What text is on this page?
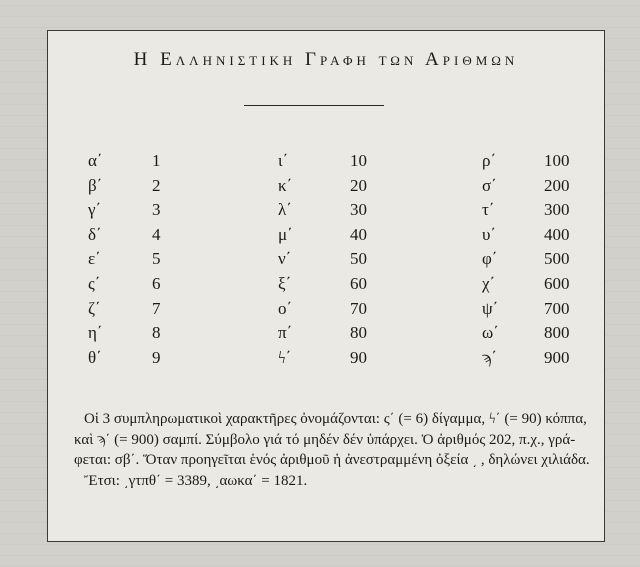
Η Ελληνιστικη Γραφη των Αριθμων
α΄	1	ι΄	10	ρ΄	100
β΄	2	κ΄	20	σ΄	200
γ΄	3	λ΄	30	τ΄	300
δ΄	4	μ΄	40	υ΄	400
ε΄	5	ν΄	50	φ΄	500
ς΄	6	ξ΄	60	χ΄	600
ζ΄	7	ο΄	70	ψ΄	700
η΄	8	π΄	80	ω΄	800
θ΄	9	ϟ΄	90	ϡ΄	900

Οἱ 3 συμπληρωματικοὶ χαρακτῆρες ὀνομάζονται: ς΄ (= 6) δίγαμμα, ϟ΄ (= 90) κόππα,

καὶ ϡ΄ (= 900) σαμπί. Σύμβολο γιά τό μηδέν δέν ὑπάρχει. Ὁ ἀριθμός 202, π.χ., γρά-

φεται: σβ΄. Ὅταν προηγεῖται ἑνός ἀριθμοῦ ἡ ἀνεστραμμένη ὀξεία ͵ , δηλώνει χιλιάδα.

Ἔτσι: ͵γτπθ΄ = 3389, ͵αωκα΄ = 1821.
